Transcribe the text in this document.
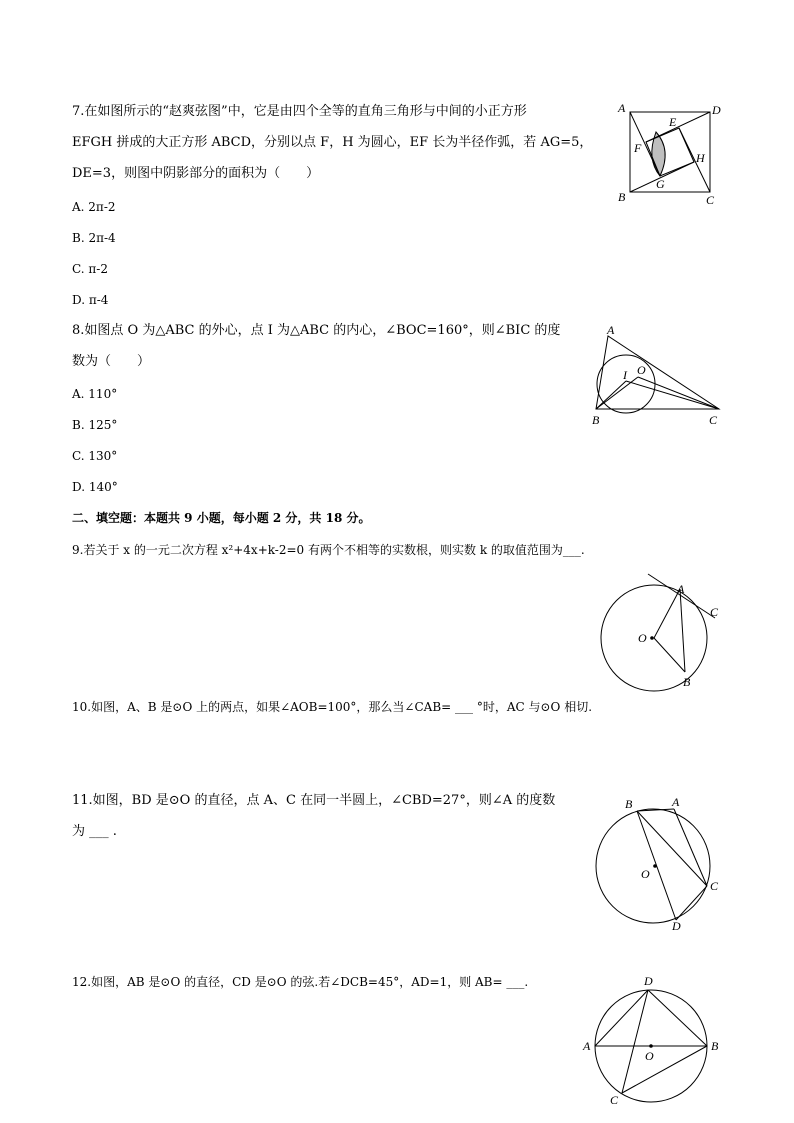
7.在如图所示的“赵爽弦图”中，它是由四个全等的直角三角形与中间的小正方形
EFGH 拼成的大正方形 ABCD，分别以点 F，H 为圆心，EF 长为半径作弧，若 AG=5，
DE=3，则图中阴影部分的面积为（　　）
A. 2π-2
B. 2π-4
C. π-2
D. π-4
A	D
B	C
E
F
G
H
8.如图点 O 为△ABC 的外心，点 I 为△ABC 的内心，∠BOC=160°，则∠BIC 的度
数为（　　）
A. 110°
B. 125°
C. 130°
D. 140°
A
B	C
I O
二、填空题：本题共 9 小题，每小题 2 分，共 18 分。
9.若关于 x 的一元二次方程 x²+4x+k-2=0 有两个不相等的实数根，则实数 k 的取值范围为___.
A
C
O
B
10.如图，A、B 是⊙O 上的两点，如果∠AOB=100°，那么当∠CAB= ___ °时，AC 与⊙O 相切.
11.如图，BD 是⊙O 的直径，点 A、C 在同一半圆上，∠CBD=27°，则∠A 的度数
为 ___ .
B	A
O
C
D
12.如图，AB 是⊙O 的直径，CD 是⊙O 的弦.若∠DCB=45°，AD=1，则 AB= ___.	D
A	B
O
C
